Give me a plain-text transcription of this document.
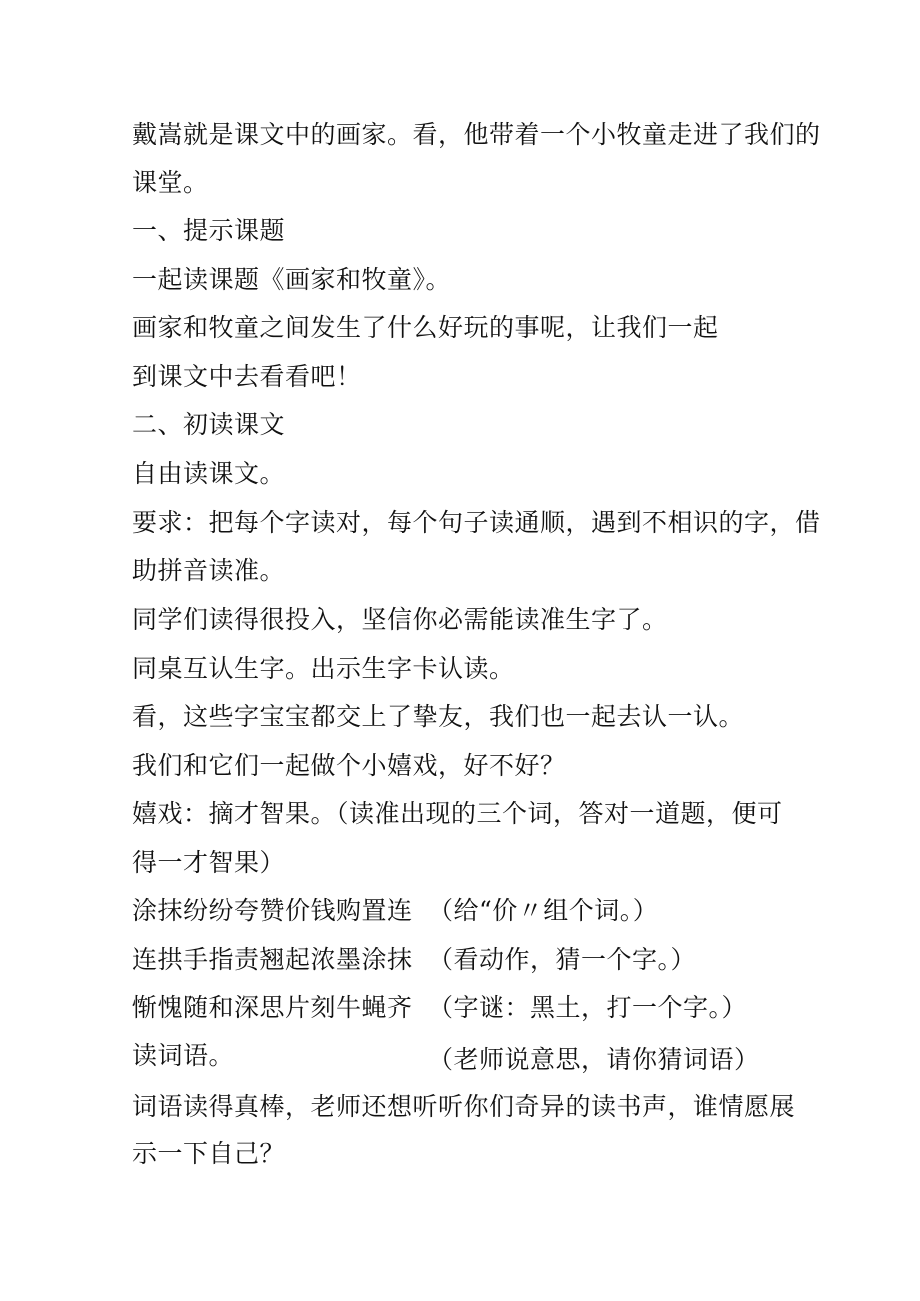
戴嵩就是课文中的画家。看，他带着一个小牧童走进了我们的
课堂。
一、提示课题
一起读课题《画家和牧童》。
画家和牧童之间发生了什么好玩的事呢，让我们一起
到课文中去看看吧！
二、初读课文
自由读课文。
要求：把每个字读对，每个句子读通顺，遇到不相识的字，借
助拼音读准。
同学们读得很投入，坚信你必需能读准生字了。
同桌互认生字。出示生字卡认读。
看，这些字宝宝都交上了挚友，我们也一起去认一认。
我们和它们一起做个小嬉戏，好不好？
嬉戏：摘才智果。（读准出现的三个词，答对一道题，便可
得一才智果）
涂抹纷纷夸赞价钱购置连 （给“价〃组个词。）
连拱手指责翘起浓墨涂抹 （看动作，猜一个字。）
惭愧随和深思片刻牛蝇齐 （字谜：黑土，打一个字。）
读词语。	（老师说意思，请你猜词语）
词语读得真棒，老师还想听听你们奇异的读书声，谁情愿展
示一下自己？
